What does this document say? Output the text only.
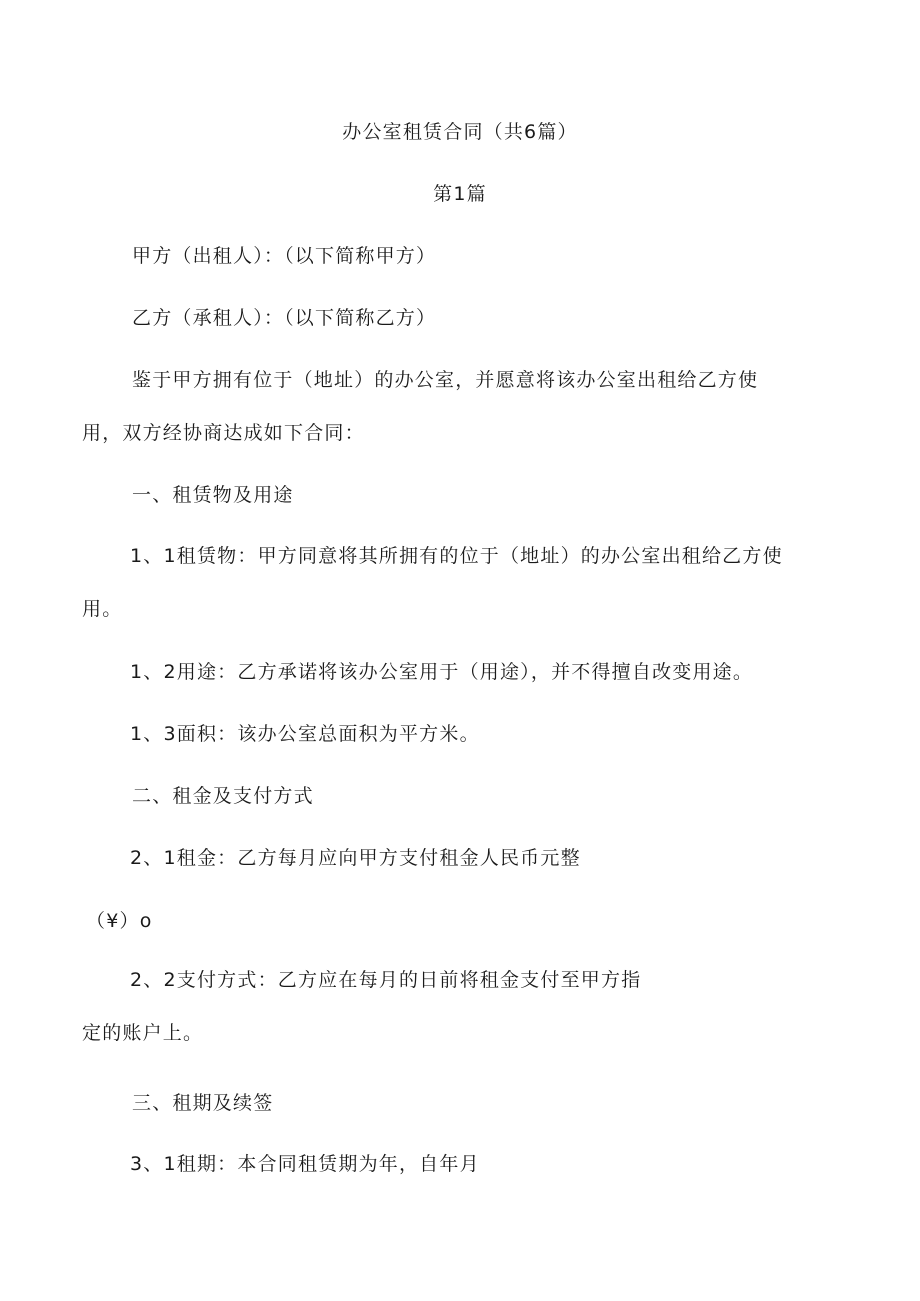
办公室租赁合同（共6篇）
第1篇
甲方（出租人）：（以下简称甲方）
乙方（承租人）：（以下简称乙方）
鉴于甲方拥有位于（地址）的办公室，并愿意将该办公室出租给乙方使
用，双方经协商达成如下合同：
一、租赁物及用途
1、1租赁物：甲方同意将其所拥有的位于（地址）的办公室出租给乙方使
用。
1、2用途：乙方承诺将该办公室用于（用途），并不得擅自改变用途。
1、3面积：该办公室总面积为平方米。
二、租金及支付方式
2、1租金：乙方每月应向甲方支付租金人民币元整
（¥）o
2、2支付方式：乙方应在每月的日前将租金支付至甲方指
定的账户上。
三、租期及续签
3、1租期：本合同租赁期为年，自年月
